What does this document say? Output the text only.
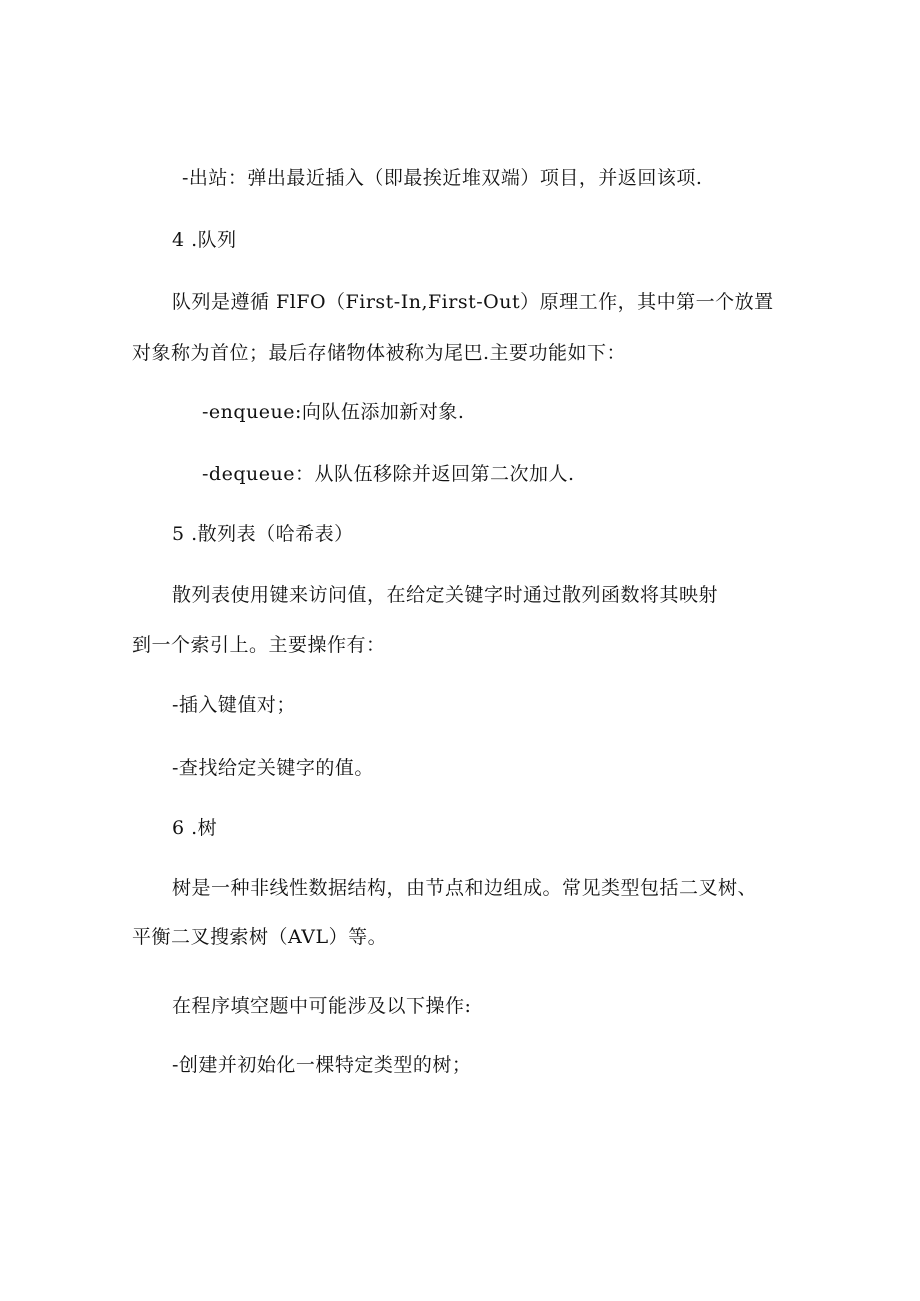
-出站：弹出最近插入（即最挨近堆双端）项目，并返回该项.
4 .队列
队列是遵循 FlFO（First-In,First-Out）原理工作，其中第一个放置
对象称为首位；最后存储物体被称为尾巴.主要功能如下：
-enqueue:向队伍添加新对象.
-dequeue：从队伍移除并返回第二次加人.
5 .散列表（哈希表）
散列表使用键来访问值，在给定关键字时通过散列函数将其映射
到一个索引上。主要操作有：
-插入键值对；
-查找给定关键字的值。
6 .树
树是一种非线性数据结构，由节点和边组成。常见类型包括二叉树、
平衡二叉搜索树（AVL）等。
在程序填空题中可能涉及以下操作:
-创建并初始化一棵特定类型的树；
